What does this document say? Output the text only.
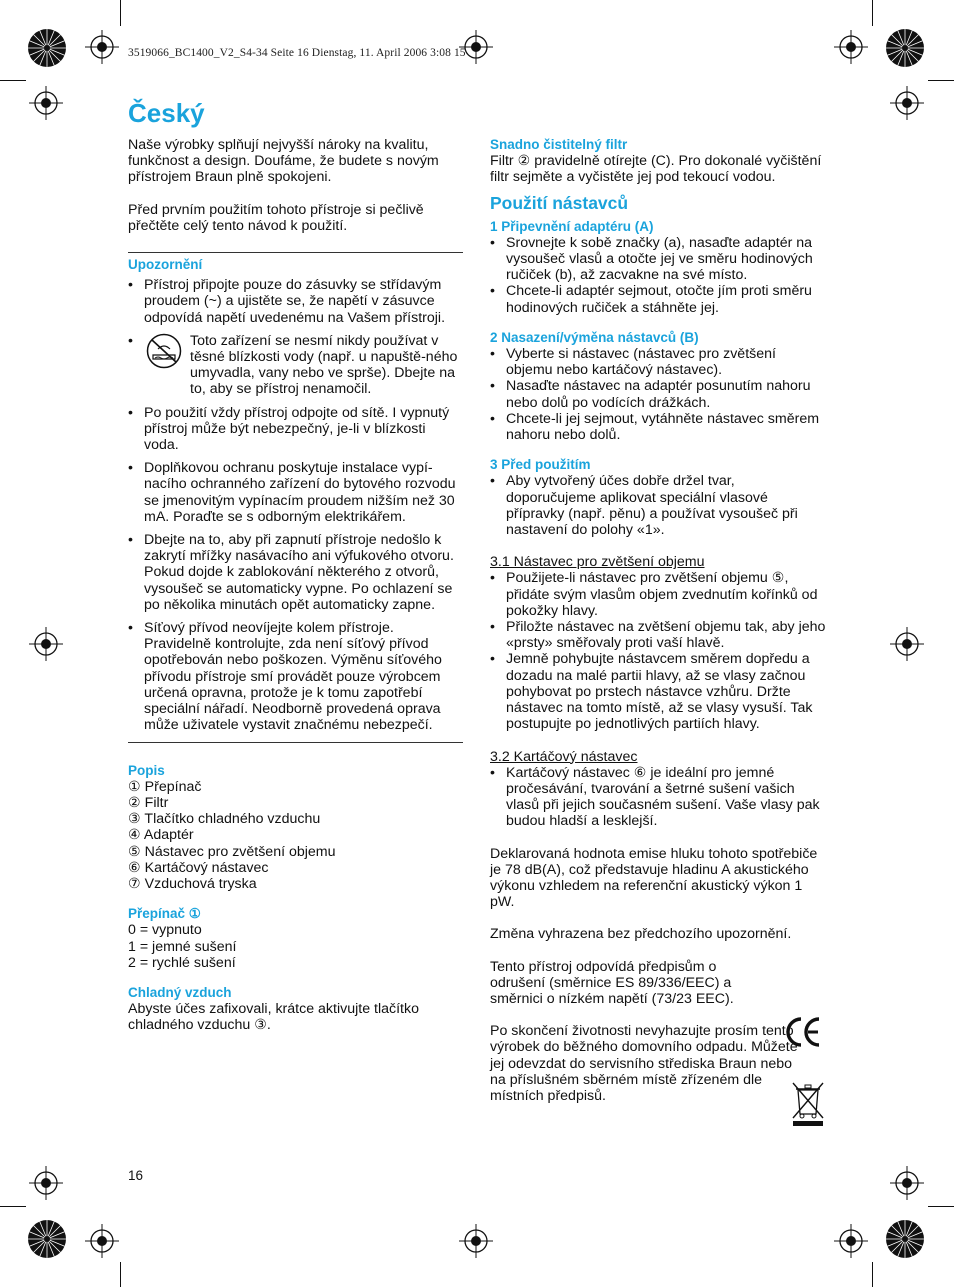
3519066_BC1400_V2_S4-34 Seite 16 Dienstag, 11. April 2006 3:08 15
Český

Naše výrobky splňují nejvyšší nároky na kvalitu, funkčnost a design. Doufáme, že budete s novým přístrojem Braun plně spokojeni.

Před prvním použitím tohoto přístroje si pečlivě přečtěte celý tento návod k použití.

Upozornění

• Přístroj připojte pouze do zásuvky se střídavým proudem (~) a ujistěte se, že napětí v zásuvce odpovídá napětí uvedenému na Vašem přístroji.
• Toto zařízení se nesmí nikdy používat v těsné blízkosti vody (např. u napuště-ného umyvadla, vany nebo ve sprše). Dbejte na to, aby se přístroj nenamočil.
• Po použití vždy přístroj odpojte od sítě. I vypnutý přístroj může být nebezpečný, je-li v blízkosti voda.
• Doplňkovou ochranu poskytuje instalace vypí-nacího ochranného zařízení do bytového rozvodu se jmenovitým vypínacím proudem nižším než 30 mA. Poraďte se s odborným elektrikářem.
• Dbejte na to, aby při zapnutí přístroje nedošlo k zakrytí mřížky nasávacího ani výfukového otvoru. Pokud dojde k zablokování některého z otvorů, vysoušeč se automaticky vypne. Po ochlazení se po několika minutách opět automaticky zapne.
• Síťový přívod neovíjejte kolem přístroje. Pravidelně kontrolujte, zda není síťový přívod opotřebován nebo poškozen. Výměnu síťového přívodu přístroje smí provádět pouze výrobcem určená opravna, protože je k tomu zapotřebí speciální nářadí. Neodborně provedená oprava může uživatele vystavit značnému nebezpečí.

Popis

① Přepínač

② Filtr

③ Tlačítko chladného vzduchu

④ Adaptér

⑤ Nástavec pro zvětšení objemu

⑥ Kartáčový nástavec

⑦ Vzduchová tryska

Přepínač ①

0 = vypnuto

1 = jemné sušení

2 = rychlé sušení

Chladný vzduch

Abyste účes zafixovali, krátce aktivujte tlačítko chladného vzduchu ③.

Snadno čistitelný filtr

Filtr ② pravidelně otírejte (C). Pro dokonalé vyčištění filtr sejměte a vyčistěte jej pod tekoucí vodou.

Použití nástavců

1 Připevnění adaptéru (A)

• Srovnejte k sobě značky (a), nasaďte adaptér na vysoušeč vlasů a otočte jej ve směru hodinových ručiček (b), až zacvakne na své místo.
• Chcete-li adaptér sejmout, otočte jím proti směru hodinových ručiček a stáhněte jej.

2 Nasazení/výměna nástavců (B)

• Vyberte si nástavec (nástavec pro zvětšení objemu nebo kartáčový nástavec).
• Nasaďte nástavec na adaptér posunutím nahoru nebo dolů po vodících drážkách.
• Chcete-li jej sejmout, vytáhněte nástavec směrem nahoru nebo dolů.

3 Před použitím

• Aby vytvořený účes dobře držel tvar, doporučujeme aplikovat speciální vlasové přípravky (např. pěnu) a používat vysoušeč při nastavení do polohy «1».

3.1 Nástavec pro zvětšení objemu

• Použijete-li nástavec pro zvětšení objemu ⑤, přidáte svým vlasům objem zvednutím kořínků od pokožky hlavy.
• Přiložte nástavec na zvětšení objemu tak, aby jeho «prsty» směřovaly proti vaší hlavě.
• Jemně pohybujte nástavcem směrem dopředu a dozadu na malé partii hlavy, až se vlasy začnou pohybovat po prstech nástavce vzhůru. Držte nástavec na tomto místě, až se vlasy vysuší. Tak postupujte po jednotlivých partiích hlavy.

3.2 Kartáčový nástavec

• Kartáčový nástavec ⑥ je ideální pro jemné pročesávání, tvarování a šetrné sušení vašich vlasů při jejich současném sušení. Vaše vlasy pak budou hladší a lesklejší.

Deklarovaná hodnota emise hluku tohoto spotřebiče je 78 dB(A), což představuje hladinu A akustického výkonu vzhledem na referenční akustický výkon 1 pW.

Změna vyhrazena bez předchozího upozornění.

Tento přístroj odpovídá předpisům o odrušení (směrnice ES 89/336/EEC) a směrnici o nízkém napětí (73/23 EEC).

Po skončení životnosti nevyhazujte prosím tento výrobek do běžného domovního odpadu. Můžete jej odevzdat do servisního střediska Braun nebo na příslušném sběrném místě zřízeném dle místních předpisů.

16
